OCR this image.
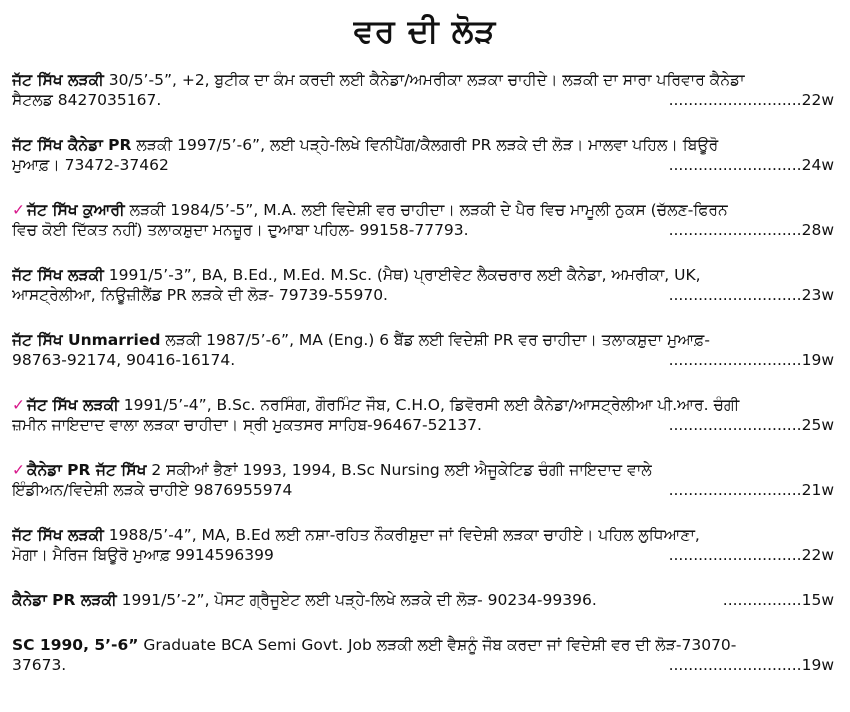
ਵਰ ਦੀ ਲੋੜ
ਜੱਟ ਸਿੱਖ ਲੜਕੀ 30/5’-5”, +2, ਬੁਟੀਕ ਦਾ ਕੰਮ ਕਰਦੀ ਲਈ ਕੈਨੇਡਾ/ਅਮਰੀਕਾ ਲੜਕਾ ਚਾਹੀਦੇ। ਲੜਕੀ ਦਾ ਸਾਰਾ ਪਰਿਵਾਰ ਕੈਨੇਡਾ
ਸੈਟਲਡ 8427035167.	...........................22w
ਜੱਟ ਸਿੱਖ ਕੈਨੇਡਾ PR ਲੜਕੀ 1997/5’-6”, ਲਈ ਪੜ੍ਹੇ-ਲਿਖੇ ਵਿਨੀਪੈਂਗ/ਕੈਲਗਰੀ PR ਲੜਕੇ ਦੀ ਲੋੜ। ਮਾਲਵਾ ਪਹਿਲ। ਬਿਊਰੋ
ਮੁਆਫ਼। 73472-37462	...........................24w
✓ ਜੱਟ ਸਿੱਖ ਕੁਆਰੀ ਲੜਕੀ 1984/5’-5”, M.A. ਲਈ ਵਿਦੇਸ਼ੀ ਵਰ ਚਾਹੀਦਾ। ਲੜਕੀ ਦੇ ਪੈਰ ਵਿਚ ਮਾਮੂਲੀ ਨੁਕਸ (ਚੱਲਣ-ਫਿਰਨ
ਵਿਚ ਕੋਈ ਦਿੱਕਤ ਨਹੀਂ) ਤਲਾਕਸ਼ੁਦਾ ਮਨਜ਼ੂਰ। ਦੁਆਬਾ ਪਹਿਲ- 99158-77793.	...........................28w
ਜੱਟ ਸਿੱਖ ਲੜਕੀ 1991/5’-3”, BA, B.Ed., M.Ed. M.Sc. (ਮੈਥ) ਪ੍ਰਾਈਵੇਟ ਲੈਕਚਰਾਰ ਲਈ ਕੈਨੇਡਾ, ਅਮਰੀਕਾ, UK,
ਆਸਟ੍ਰੇਲੀਆ, ਨਿਊਜ਼ੀਲੈਂਡ PR ਲੜਕੇ ਦੀ ਲੋੜ- 79739-55970.	...........................23w
ਜੱਟ ਸਿੱਖ Unmarried ਲੜਕੀ 1987/5’-6”, MA (Eng.) 6 ਬੈਂਡ ਲਈ ਵਿਦੇਸ਼ੀ PR ਵਰ ਚਾਹੀਦਾ। ਤਲਾਕਸ਼ੁਦਾ ਮੁਆਫ਼-
98763-92174, 90416-16174.	...........................19w
✓ ਜੱਟ ਸਿੱਖ ਲੜਕੀ 1991/5’-4”, B.Sc. ਨਰਸਿੰਗ, ਗੌਰਮਿੰਟ ਜੌਬ, C.H.O, ਡਿਵੋਰਸੀ ਲਈ ਕੈਨੇਡਾ/ਆਸਟ੍ਰੇਲੀਆ ਪੀ.ਆਰ. ਚੰਗੀ
ਜ਼ਮੀਨ ਜਾਇਦਾਦ ਵਾਲਾ ਲੜਕਾ ਚਾਹੀਦਾ। ਸ੍ਰੀ ਮੁਕਤਸਰ ਸਾਹਿਬ-96467-52137.	...........................25w
✓ ਕੈਨੇਡਾ PR ਜੱਟ ਸਿੱਖ 2 ਸਕੀਆਂ ਭੈਣਾਂ 1993, 1994, B.Sc Nursing ਲਈ ਐਜੂਕੇਟਿਡ ਚੰਗੀ ਜਾਇਦਾਦ ਵਾਲੇ
ਇੰਡੀਅਨ/ਵਿਦੇਸ਼ੀ ਲੜਕੇ ਚਾਹੀਏ 9876955974	...........................21w
ਜੱਟ ਸਿੱਖ ਲੜਕੀ 1988/5’-4”, MA, B.Ed ਲਈ ਨਸ਼ਾ-ਰਹਿਤ ਨੌਕਰੀਸ਼ੁਦਾ ਜਾਂ ਵਿਦੇਸ਼ੀ ਲੜਕਾ ਚਾਹੀਏ। ਪਹਿਲ ਲੁਧਿਆਣਾ,
ਮੋਗਾ। ਮੈਰਿਜ ਬਿਊਰੋ ਮੁਆਫ਼ 9914596399	...........................22w
ਕੈਨੇਡਾ PR ਲੜਕੀ 1991/5’-2”, ਪੋਸਟ ਗ੍ਰੈਜੂਏਟ ਲਈ ਪੜ੍ਹੇ-ਲਿਖੇ ਲੜਕੇ ਦੀ ਲੋੜ- 90234-99396.	................15w
SC 1990, 5’-6” Graduate BCA Semi Govt. Job ਲੜਕੀ ਲਈ ਵੈਸ਼ਨੂੰ ਜੌਬ ਕਰਦਾ ਜਾਂ ਵਿਦੇਸ਼ੀ ਵਰ ਦੀ ਲੋੜ-73070-
37673.	...........................19w
